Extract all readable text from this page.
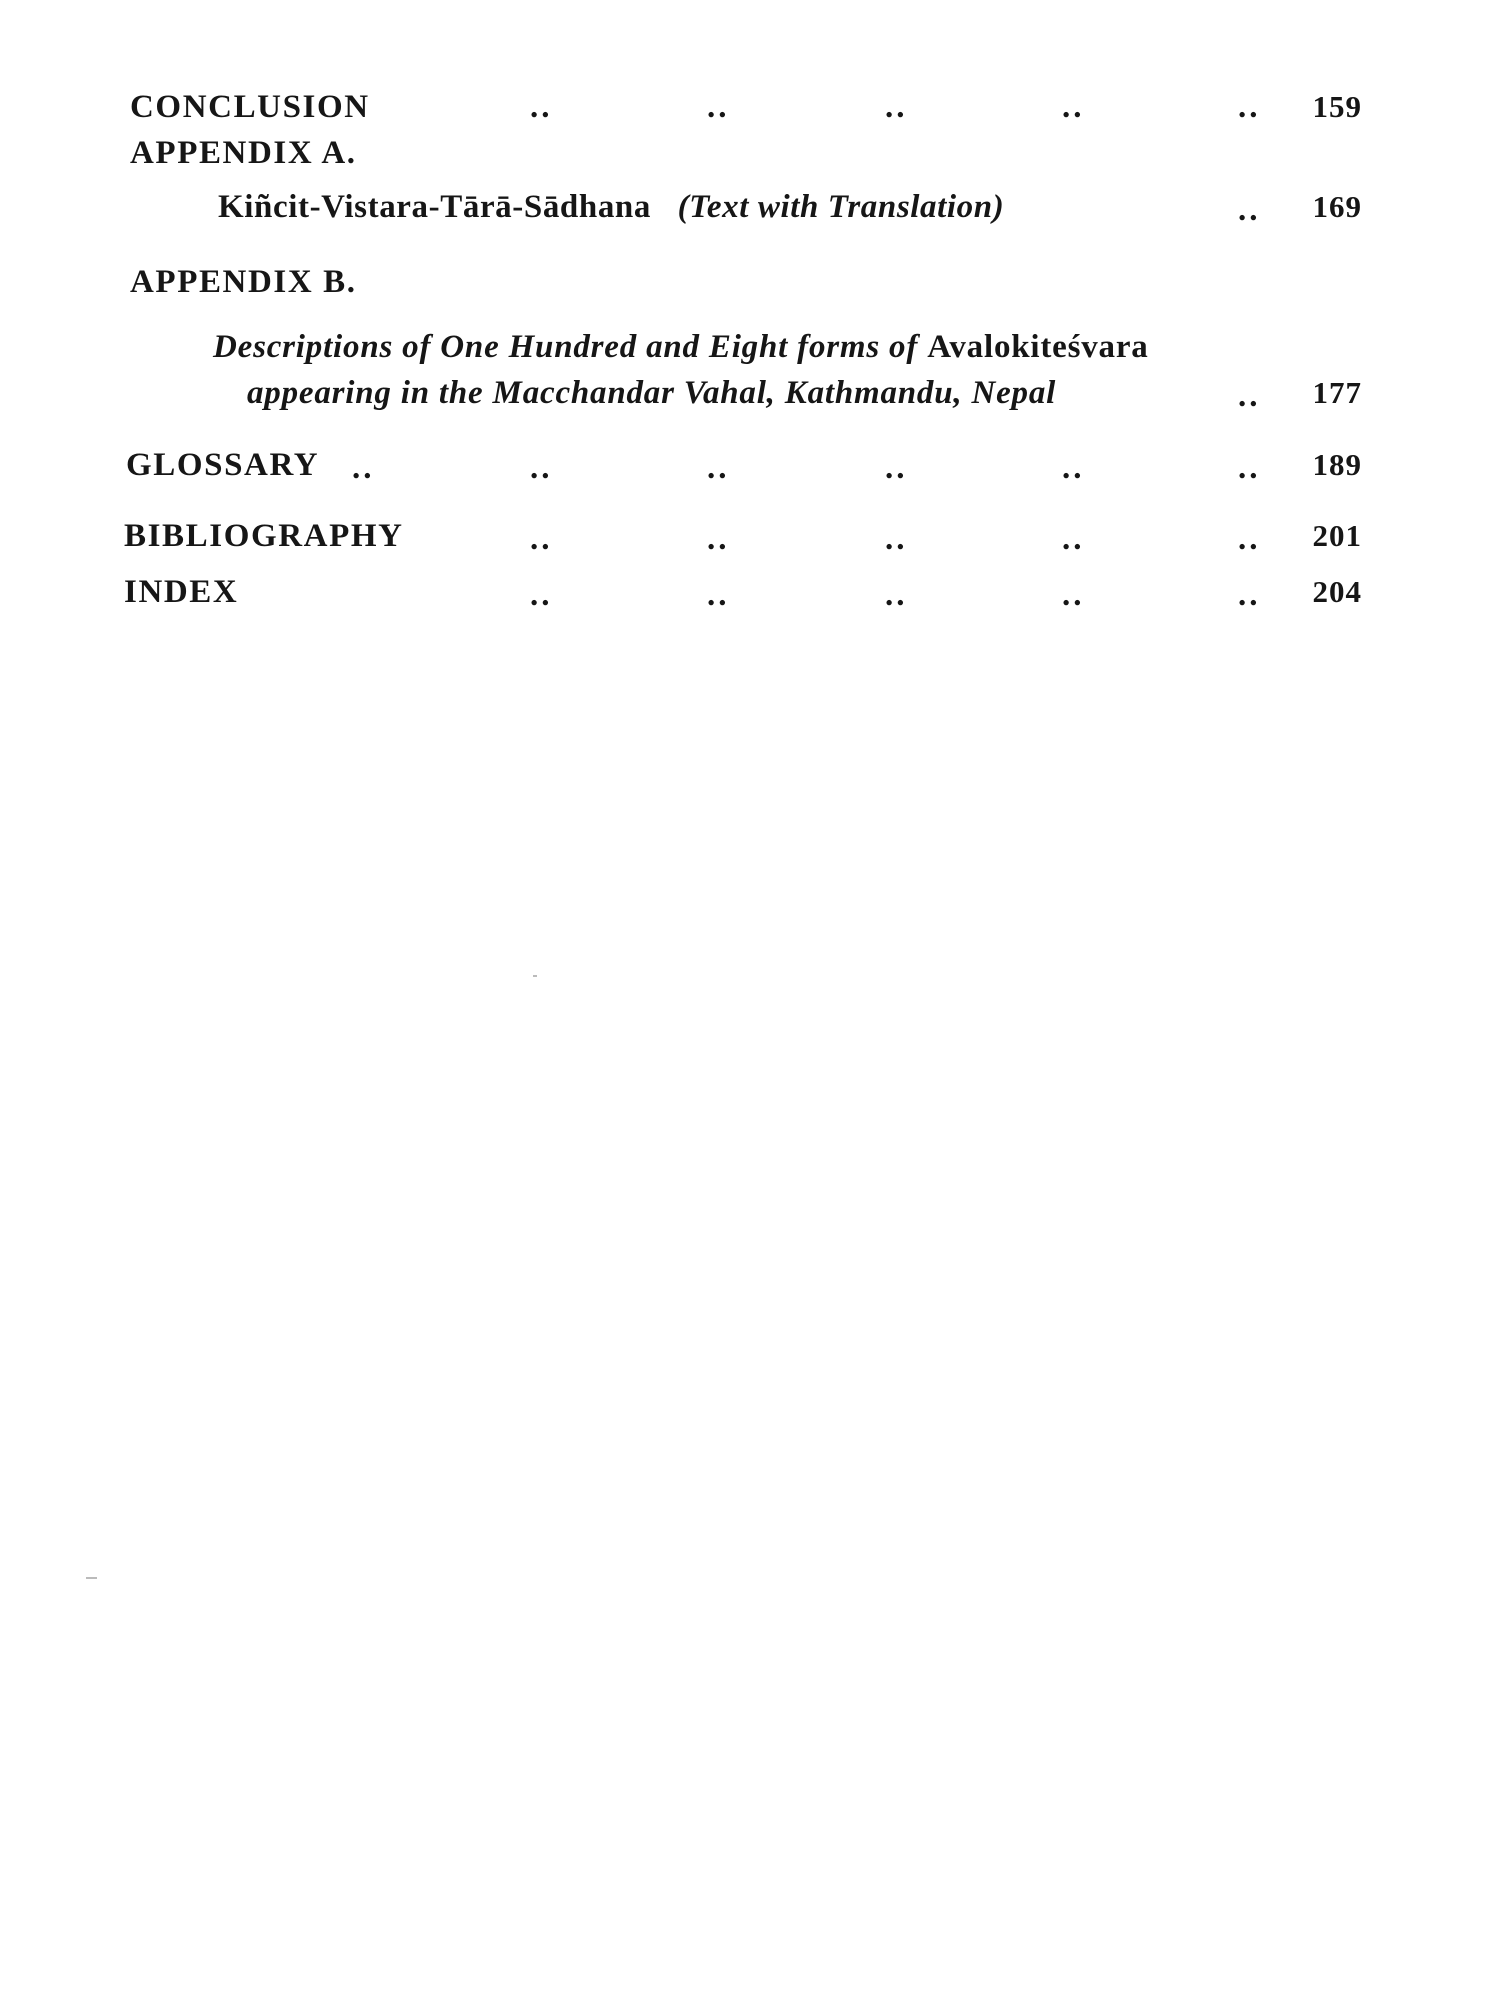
CONCLUSION	..	..	..	..	..	159
APPENDIX A.
Kiñcit-Vistara-Tārā-Sādhana (Text with Translation)	..	169
APPENDIX B.
Descriptions of One Hundred and Eight forms of Avalokiteśvara
appearing in the Macchandar Vahal, Kathmandu, Nepal	..	177
GLOSSARY ..	..	..	..	..	..	189
BIBLIOGRAPHY	..	..	..	..	..	201
INDEX	..	..	..	..	..	204
